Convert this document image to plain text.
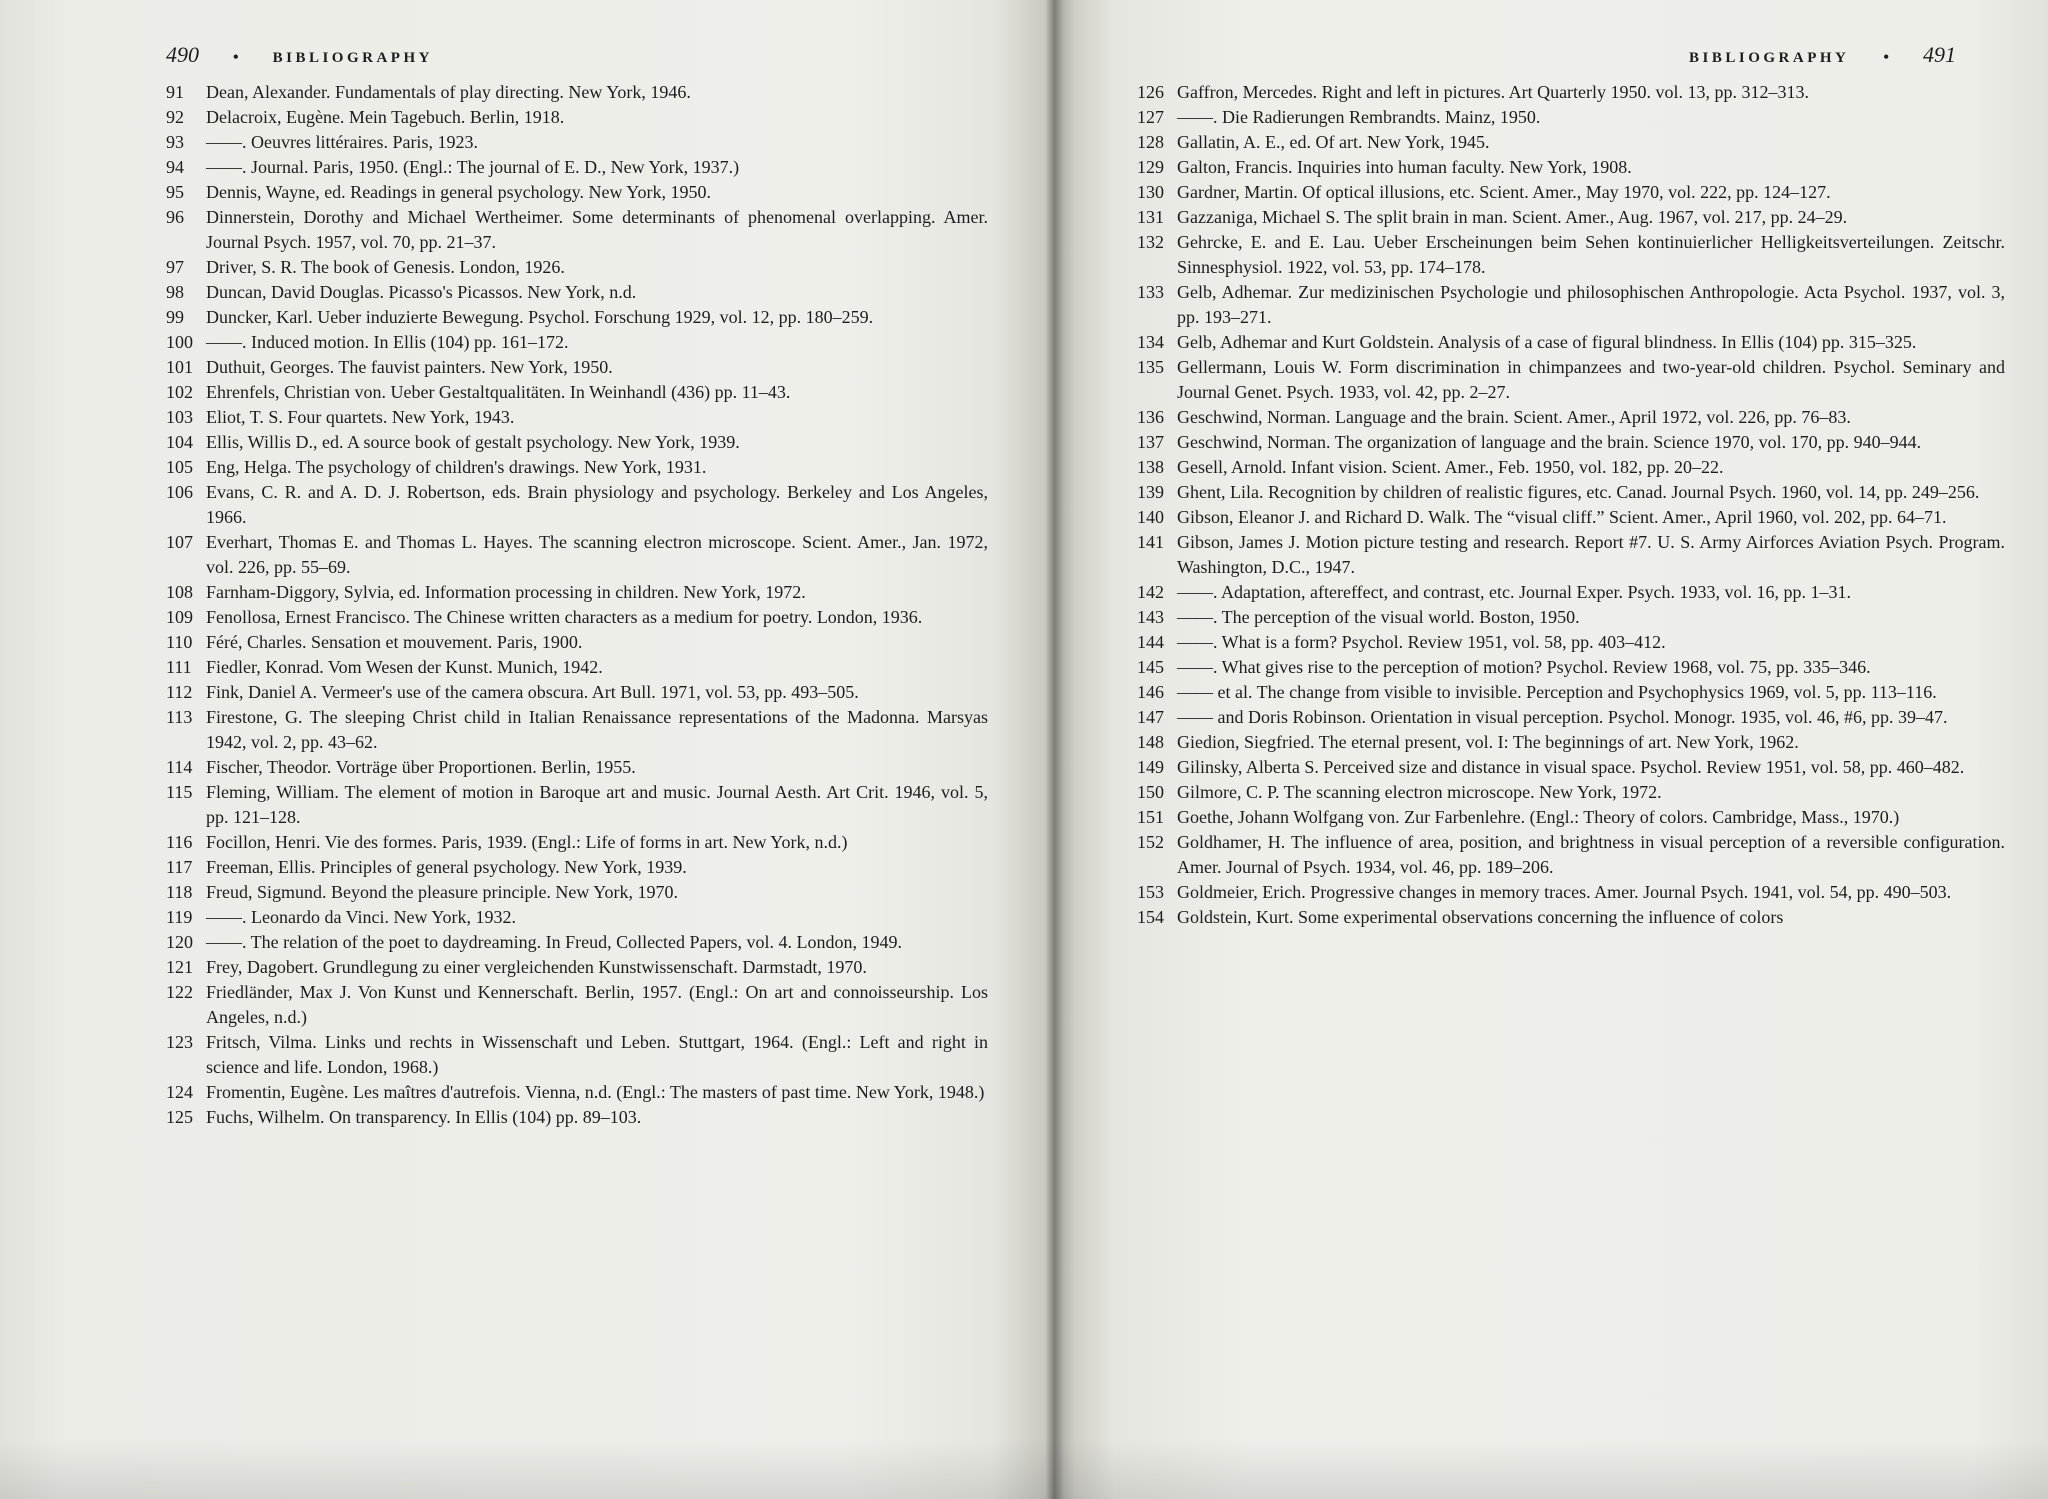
490 • BIBLIOGRAPHY
91	Dean, Alexander. Fundamentals of play directing. New York, 1946.
92	Delacroix, Eugène. Mein Tagebuch. Berlin, 1918.
93	——. Oeuvres littéraires. Paris, 1923.
94	——. Journal. Paris, 1950. (Engl.: The journal of E. D., New York, 1937.)
95	Dennis, Wayne, ed. Readings in general psychology. New York, 1950.
96	Dinnerstein, Dorothy and Michael Wertheimer. Some determinants of phenomenal overlapping. Amer. Journal Psych. 1957, vol. 70, pp. 21–37.
97	Driver, S. R. The book of Genesis. London, 1926.
98	Duncan, David Douglas. Picasso's Picassos. New York, n.d.
99	Duncker, Karl. Ueber induzierte Bewegung. Psychol. Forschung 1929, vol. 12, pp. 180–259.
100 ——. Induced motion. In Ellis (104) pp. 161–172.
101 Duthuit, Georges. The fauvist painters. New York, 1950.
102 Ehrenfels, Christian von. Ueber Gestaltqualitäten. In Weinhandl (436) pp. 11–43.
103 Eliot, T. S. Four quartets. New York, 1943.
104 Ellis, Willis D., ed. A source book of gestalt psychology. New York, 1939.
105 Eng, Helga. The psychology of children's drawings. New York, 1931.
106 Evans, C. R. and A. D. J. Robertson, eds. Brain physiology and psychology. Berkeley and Los Angeles, 1966.
107 Everhart, Thomas E. and Thomas L. Hayes. The scanning electron microscope. Scient. Amer., Jan. 1972, vol. 226, pp. 55–69.
108 Farnham-Diggory, Sylvia, ed. Information processing in children. New York, 1972.
109 Fenollosa, Ernest Francisco. The Chinese written characters as a medium for poetry. London, 1936.
110 Féré, Charles. Sensation et mouvement. Paris, 1900.
111 Fiedler, Konrad. Vom Wesen der Kunst. Munich, 1942.
112 Fink, Daniel A. Vermeer's use of the camera obscura. Art Bull. 1971, vol. 53, pp. 493–505.
113 Firestone, G. The sleeping Christ child in Italian Renaissance representations of the Madonna. Marsyas 1942, vol. 2, pp. 43–62.
114 Fischer, Theodor. Vorträge über Proportionen. Berlin, 1955.
115 Fleming, William. The element of motion in Baroque art and music. Journal Aesth. Art Crit. 1946, vol. 5, pp. 121–128.
116 Focillon, Henri. Vie des formes. Paris, 1939. (Engl.: Life of forms in art. New York, n.d.)
117 Freeman, Ellis. Principles of general psychology. New York, 1939.
118 Freud, Sigmund. Beyond the pleasure principle. New York, 1970.
119 ——. Leonardo da Vinci. New York, 1932.
120 ——. The relation of the poet to daydreaming. In Freud, Collected Papers, vol. 4. London, 1949.
121 Frey, Dagobert. Grundlegung zu einer vergleichenden Kunstwissenschaft. Darmstadt, 1970.
122 Friedländer, Max J. Von Kunst und Kennerschaft. Berlin, 1957. (Engl.: On art and connoisseurship. Los Angeles, n.d.)
123 Fritsch, Vilma. Links und rechts in Wissenschaft und Leben. Stuttgart, 1964. (Engl.: Left and right in science and life. London, 1968.)
124 Fromentin, Eugène. Les maîtres d'autrefois. Vienna, n.d. (Engl.: The masters of past time. New York, 1948.)
125 Fuchs, Wilhelm. On transparency. In Ellis (104) pp. 89–103.
BIBLIOGRAPHY • 491
126 Gaffron, Mercedes. Right and left in pictures. Art Quarterly 1950. vol. 13, pp. 312–313.
127 ——. Die Radierungen Rembrandts. Mainz, 1950.
128 Gallatin, A. E., ed. Of art. New York, 1945.
129 Galton, Francis. Inquiries into human faculty. New York, 1908.
130 Gardner, Martin. Of optical illusions, etc. Scient. Amer., May 1970, vol. 222, pp. 124–127.
131 Gazzaniga, Michael S. The split brain in man. Scient. Amer., Aug. 1967, vol. 217, pp. 24–29.
132 Gehrcke, E. and E. Lau. Ueber Erscheinungen beim Sehen kontinuierlicher Helligkeitsverteilungen. Zeitschr. Sinnesphysiol. 1922, vol. 53, pp. 174–178.
133 Gelb, Adhemar. Zur medizinischen Psychologie und philosophischen Anthropologie. Acta Psychol. 1937, vol. 3, pp. 193–271.
134 Gelb, Adhemar and Kurt Goldstein. Analysis of a case of figural blindness. In Ellis (104) pp. 315–325.
135 Gellermann, Louis W. Form discrimination in chimpanzees and two-year-old children. Psychol. Seminary and Journal Genet. Psych. 1933, vol. 42, pp. 2–27.
136 Geschwind, Norman. Language and the brain. Scient. Amer., April 1972, vol. 226, pp. 76–83.
137 Geschwind, Norman. The organization of language and the brain. Science 1970, vol. 170, pp. 940–944.
138 Gesell, Arnold. Infant vision. Scient. Amer., Feb. 1950, vol. 182, pp. 20–22.
139 Ghent, Lila. Recognition by children of realistic figures, etc. Canad. Journal Psych. 1960, vol. 14, pp. 249–256.
140 Gibson, Eleanor J. and Richard D. Walk. The “visual cliff.” Scient. Amer., April 1960, vol. 202, pp. 64–71.
141 Gibson, James J. Motion picture testing and research. Report #7. U. S. Army Airforces Aviation Psych. Program. Washington, D.C., 1947.
142 ——. Adaptation, aftereffect, and contrast, etc. Journal Exper. Psych. 1933, vol. 16, pp. 1–31.
143 ——. The perception of the visual world. Boston, 1950.
144 ——. What is a form? Psychol. Review 1951, vol. 58, pp. 403–412.
145 ——. What gives rise to the perception of motion? Psychol. Review 1968, vol. 75, pp. 335–346.
146 —— et al. The change from visible to invisible. Perception and Psychophysics 1969, vol. 5, pp. 113–116.
147 —— and Doris Robinson. Orientation in visual perception. Psychol. Monogr. 1935, vol. 46, #6, pp. 39–47.
148 Giedion, Siegfried. The eternal present, vol. I: The beginnings of art. New York, 1962.
149 Gilinsky, Alberta S. Perceived size and distance in visual space. Psychol. Review 1951, vol. 58, pp. 460–482.
150 Gilmore, C. P. The scanning electron microscope. New York, 1972.
151 Goethe, Johann Wolfgang von. Zur Farbenlehre. (Engl.: Theory of colors. Cambridge, Mass., 1970.)
152 Goldhamer, H. The influence of area, position, and brightness in visual perception of a reversible configuration. Amer. Journal of Psych. 1934, vol. 46, pp. 189–206.
153 Goldmeier, Erich. Progressive changes in memory traces. Amer. Journal Psych. 1941, vol. 54, pp. 490–503.
154 Goldstein, Kurt. Some experimental observations concerning the influence of colors
